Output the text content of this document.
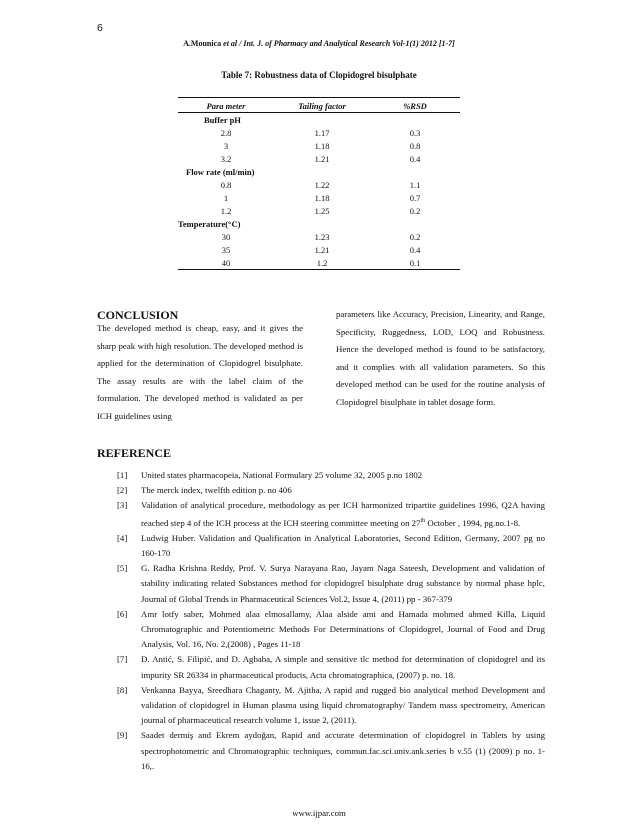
6
A.Mounica et al / Int. J. of Pharmacy and Analytical Research Vol-1(1) 2012 [1-7]
Table 7: Robustness data of Clopidogrel bisulphate
Para meter	Tailing factor	%RSD
Buffer pH		
2.8	1.17	0.3
3	1.18	0.8
3.2	1.21	0.4
Flow rate (ml/min)		
0.8	1.22	1.1
1	1.18	0.7
1.2	1.25	0.2
Temperature(°C)		
30	1.23	0.2
35	1.21	0.4
40	1.2	0.1
CONCLUSION
The developed method is cheap, easy, and it gives the sharp peak with high resolution. The developed method is applied for the determination of Clopidogrel bisulphate. The assay results are with the label claim of the formulation. The developed method is validated as per ICH guidelines using
parameters like Accuracy, Precision, Linearity, and Range, Specificity, Ruggedness, LOD, LOQ and Robustness. Hence the developed method is found to be satisfactory, and it complies with all validation parameters. So this developed method can be used for the routine analysis of Clopidogrel bisulphate in tablet dosage form.
REFERENCE
[1] United states pharmacopeia, National Formulary 25 volume 32, 2005 p.no 1802
[2] The merck index, twelfth edition p. no 406
[3] Validation of analytical procedure, methodology as per ICH harmonized tripartite guidelines 1996, Q2A having reached step 4 of the ICH process at the ICH steering committee meeting on 27th October , 1994, pg.no.1-8.
[4] Ludwig Huber. Validation and Qualification in Analytical Laboratories, Second Edition, Germany, 2007 pg no 160-170
[5] G. Radha Krishna Reddy, Prof. V. Surya Narayana Rao, Jayam Naga Sateesh, Development and validation of stability indicating related Substances method for clopidogrel bisulphate drug substance by normal phase hplc, Journal of Global Trends in Pharmaceutical Sciences Vol.2, Issue 4, (2011) pp - 367-379
[6] Amr lotfy saber, Mohmed alaa elmosallamy, Alaa alside ami and Hamada mohmed ahmed Killa, Liquid Chromatographic and Potentiometric Methods For Determinations of Clopidogrel, Journal of Food and Drug Analysis, Vol. 16, No. 2,(2008) , Pages 11-18
[7] D. Antić, S. Filipić, and D. Agbaba, A simple and sensitive tlc method for determination of clopidogrel and its impurity SR 26334 in pharmaceutical products, Acta chromatographica, (2007) p. no. 18.
[8] Venkanna Bayya, Sreedhara Chaganty, M. Ajitha, A rapid and rugged bio analytical method Development and validation of clopidogrel in Human plasma using liquid chromatography/ Tandem mass spectrometry, American journal of pharmaceutical research volume 1, issue 2, (2011).
[9] Saadet dermiş and Ekrem aydoğan, Rapid and accurate determination of clopidogrel in Tablets by using spectrophotometric and Chromatographic techniques, commun.fac.sci.univ.ank.series b v.55 (1) (2009) p no. 1-16,.
www.ijpar.com
